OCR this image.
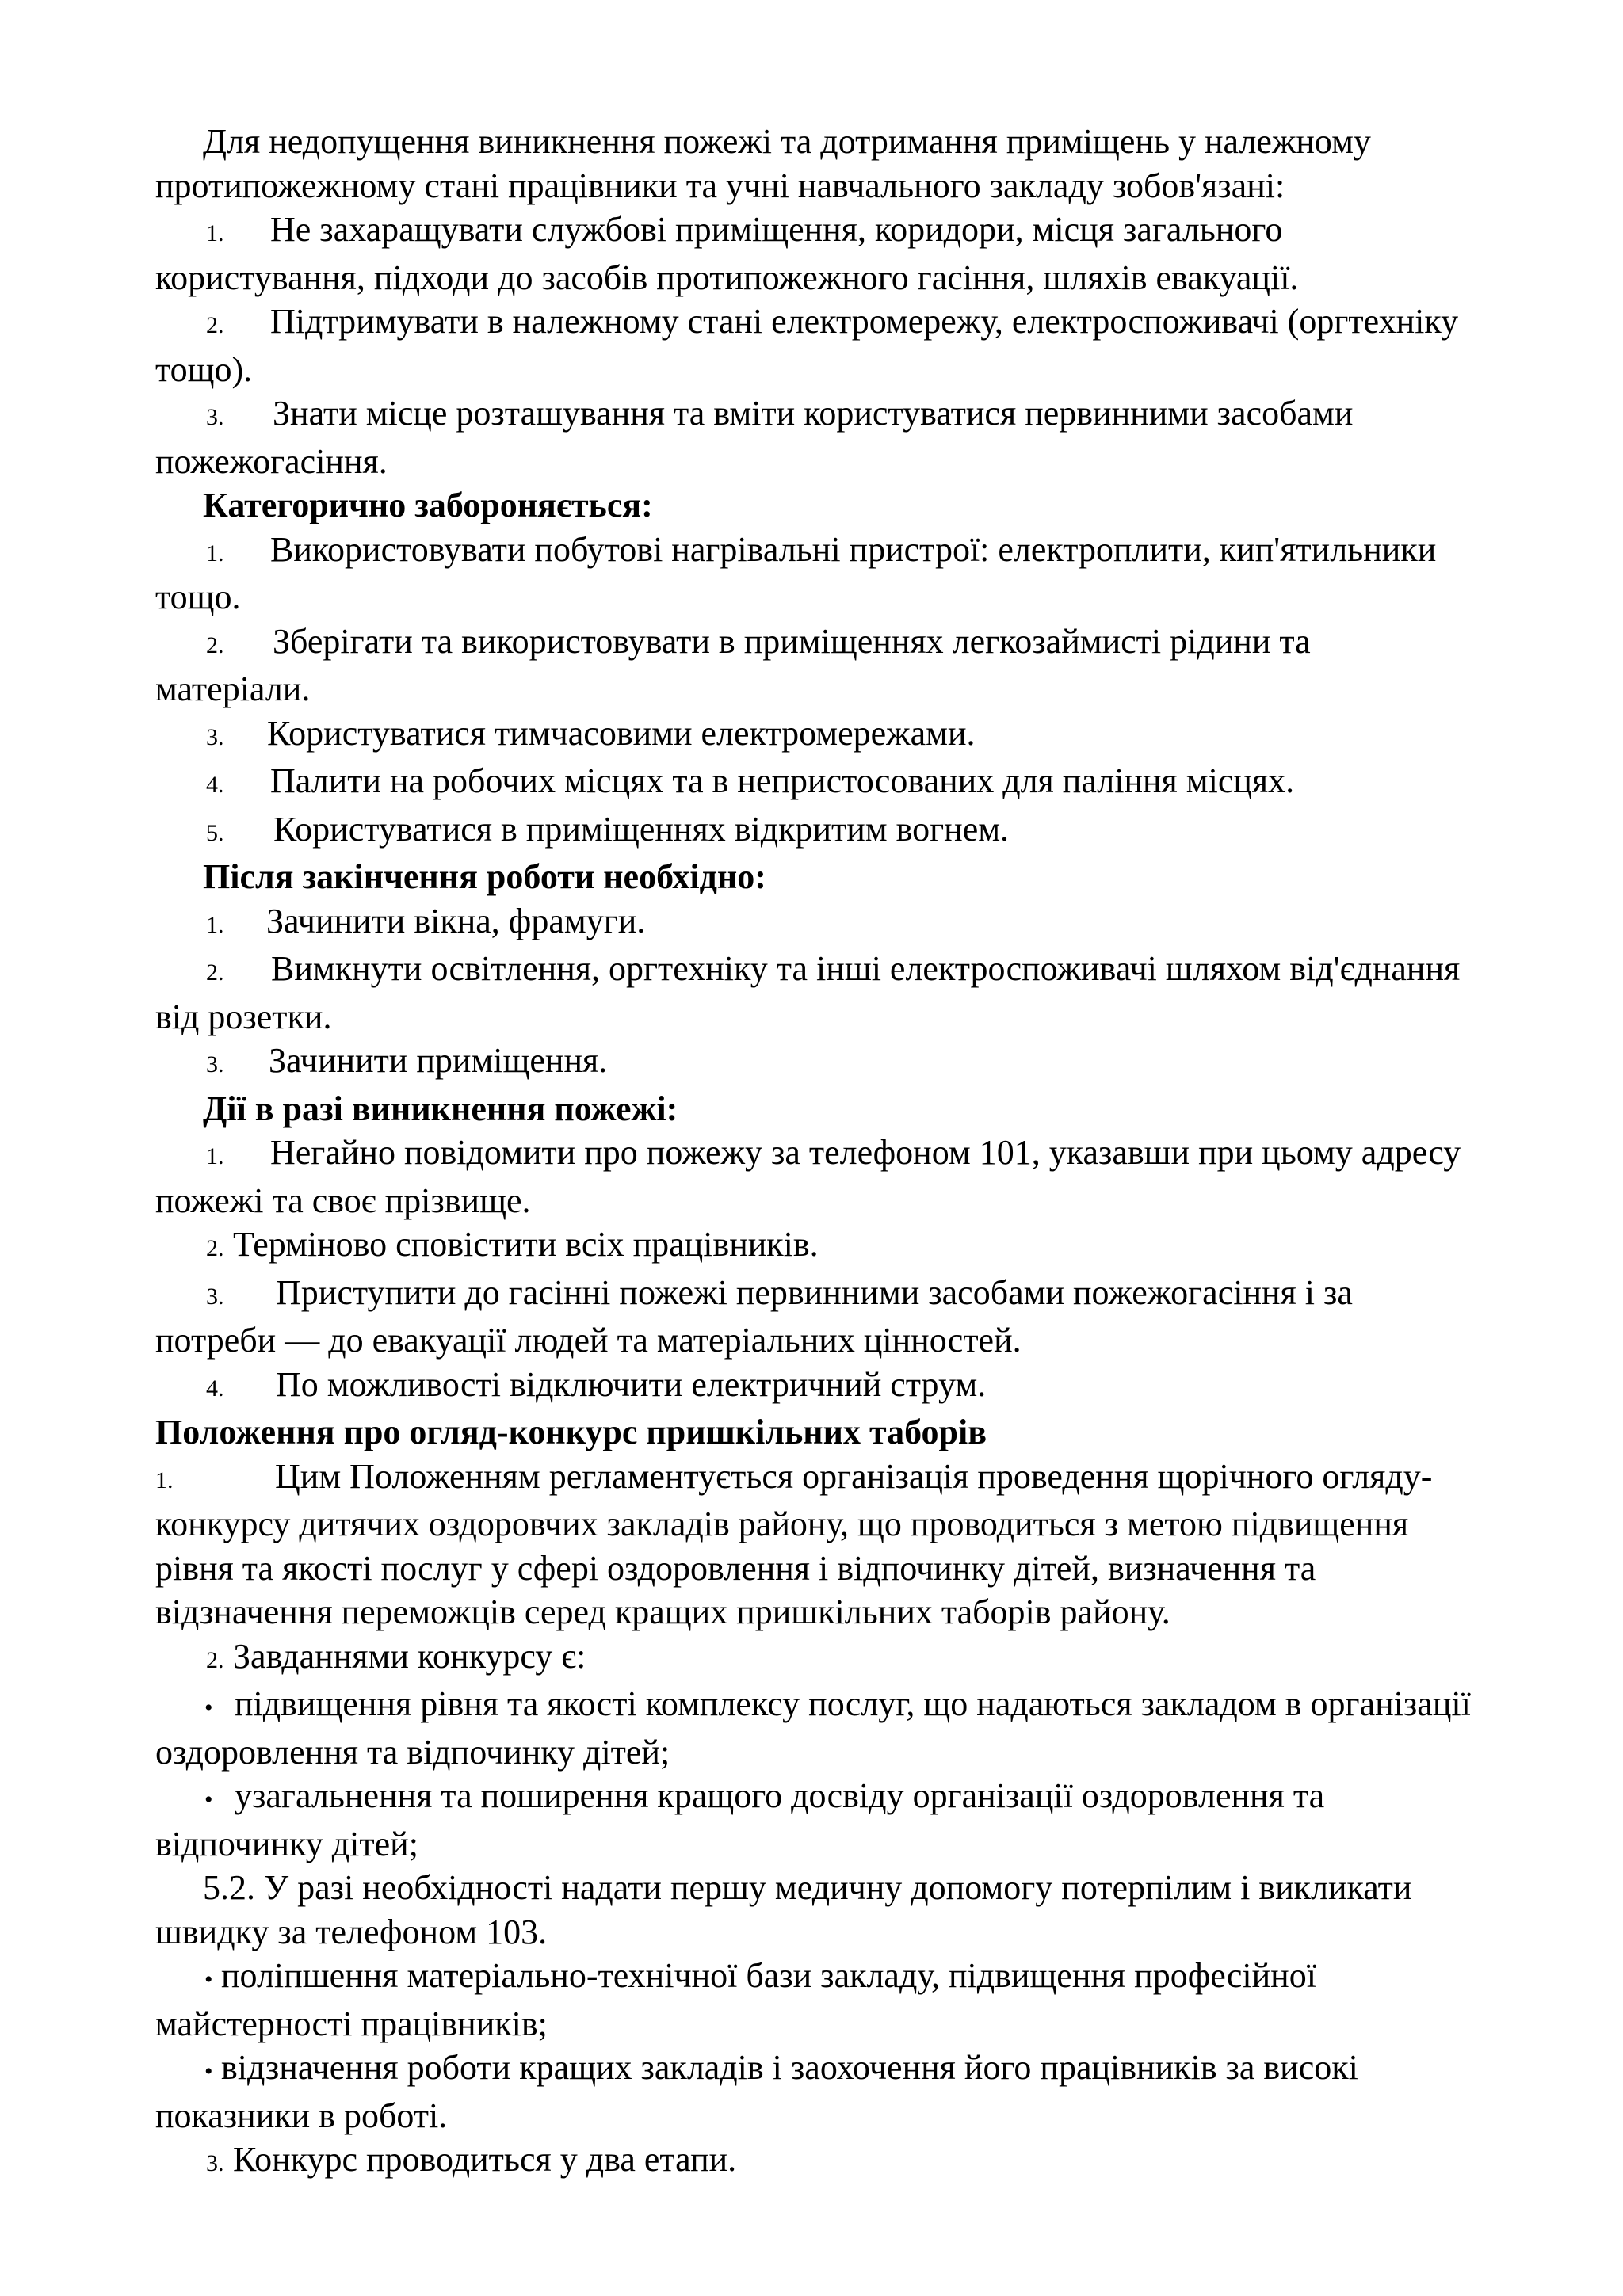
Для недопущення виникнення пожежі та дотримання приміщень у належному протипожежному стані працівники та учні навчального закладу зобов'язані:

1. Не захаращувати службові приміщення, коридори, місця загального користування, підходи до засобів протипожежного гасіння, шляхів евакуації.

2. Підтримувати в належному стані електромережу, електроспоживачі (оргтехніку тощо).

3. Знати місце розташування та вміти користуватися первинними засобами пожежогасіння.

Категорично забороняється:

1. Використовувати побутові нагрівальні пристрої: електроплити, кип'ятильники тощо.

2. Зберігати та використовувати в приміщеннях легкозаймисті рідини та матеріали.

3. Користуватися тимчасовими електромережами.

4. Палити на робочих місцях та в непристосованих для паління місцях.

5. Користуватися в приміщеннях відкритим вогнем.

Після закінчення роботи необхідно:

1. Зачинити вікна, фрамуги.

2. Вимкнути освітлення, оргтехніку та інші електроспоживачі шляхом від'єднання від розетки.

3. Зачинити приміщення.

Дії в разі виникнення пожежі:

1. Негайно повідомити про пожежу за телефоном 101, указавши при цьому адресу пожежі та своє прізвище.

2. Терміново сповістити всіх працівників.

3. Приступити до гасінні пожежі первинними засобами пожежогасіння і за потреби — до евакуації людей та матеріальних цінностей.

4. По можливості відключити електричний струм.

Положення про огляд-конкурс пришкільних таборів

1.	Цим Положенням регламентується організація проведення щорічного огляду-конкурсу дитячих оздоровчих закладів району, що проводиться з метою підвищення рівня та якості послуг у сфері оздоровлення і відпочинку дітей, визначення та відзначення переможців серед кращих пришкільних таборів району.

2. Завданнями конкурсу є:

• підвищення рівня та якості комплексу послуг, що надаються закладом в організації оздоровлення та відпочинку дітей;

• узагальнення та поширення кращого досвіду організації оздоровлення та відпочинку дітей;

5.2. У разі необхідності надати першу медичну допомогу потерпілим і викликати швидку за телефоном 103.

• поліпшення матеріально-технічної бази закладу, підвищення професійної майстерності працівників;

• відзначення роботи кращих закладів і заохочення його працівників за високі показники в роботі.

3. Конкурс проводиться у два етапи.
